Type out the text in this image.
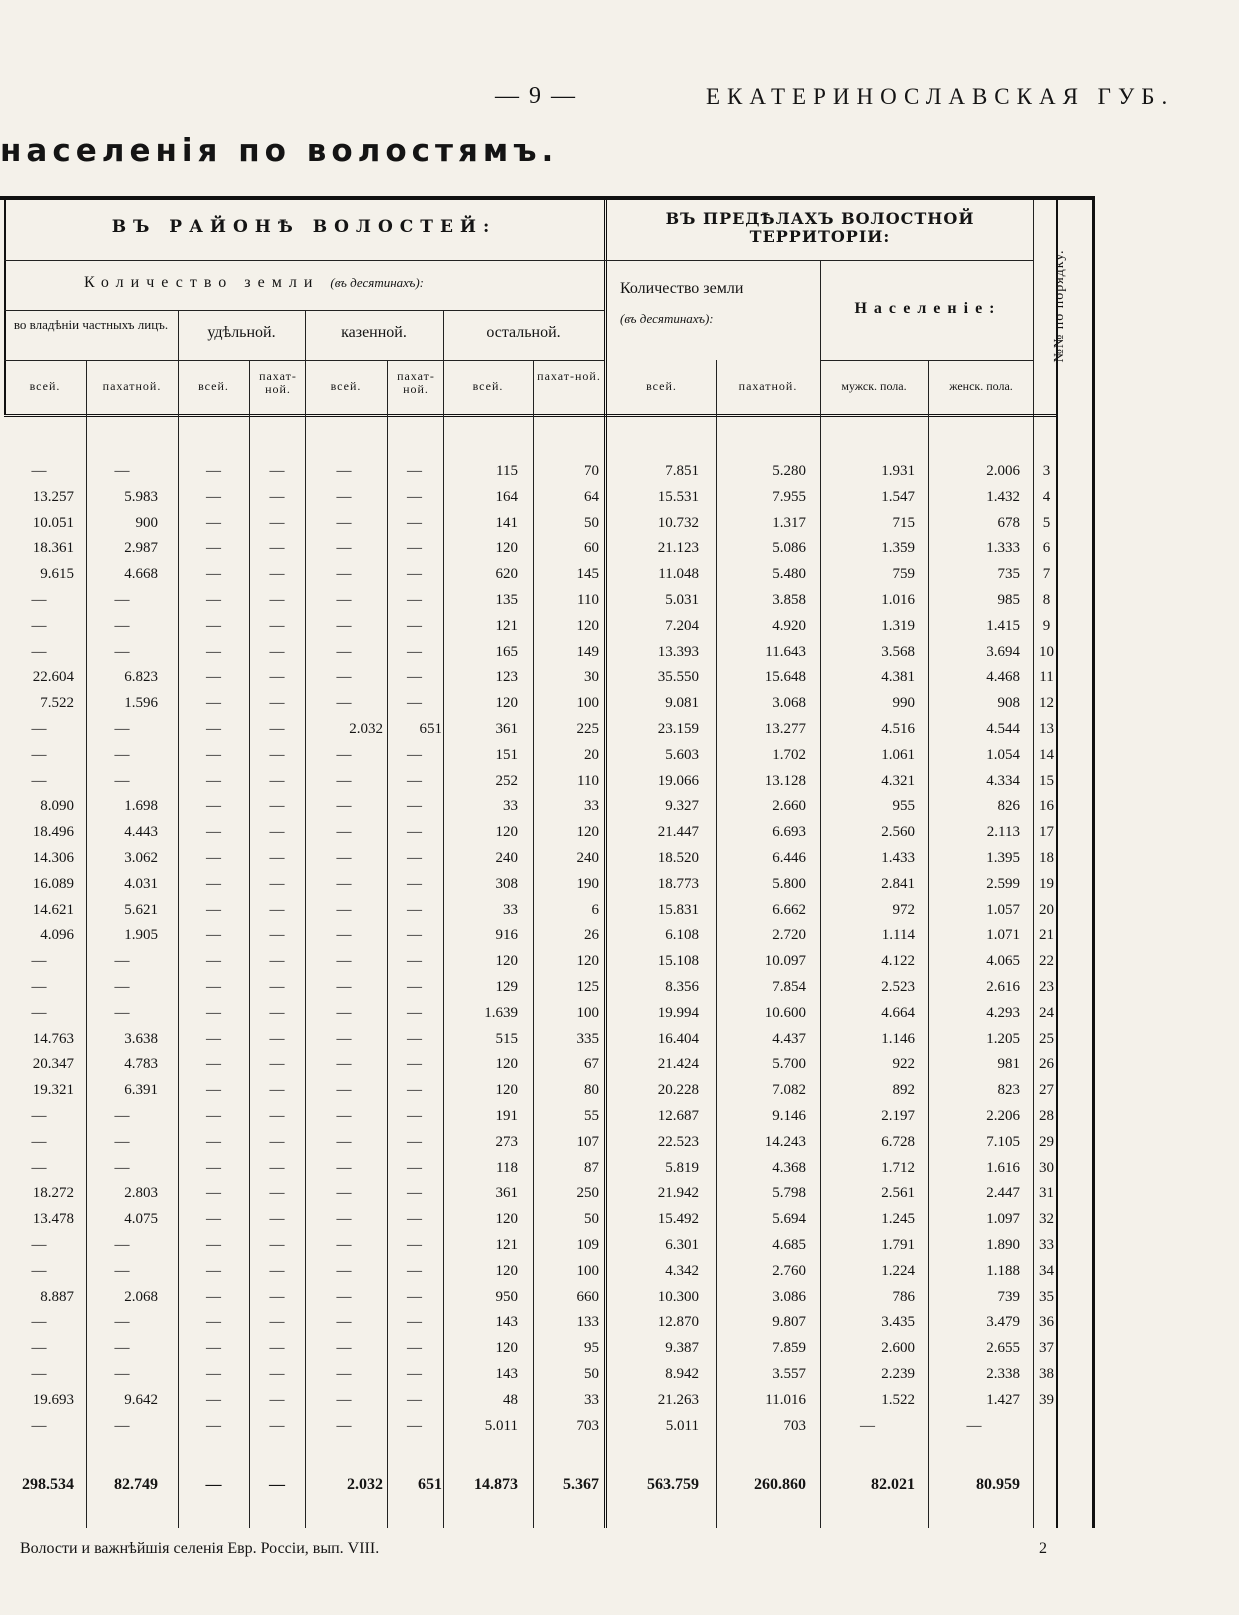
— 9 —	ЕКАТЕРИНОСЛАВСКАЯ ГУБ.
населенія по волостямъ.
ВЪ РАЙОНѢ ВОЛОСТЕЙ:
Количество земли (въ десятинахъ):
ВЪ ПРЕДѢЛАХЪ ВОЛОСТНОЙ ТЕРРИТОРІИ:
Количество земли
(въ десятинахъ):
Населеніе:
во владѣніи частныхъ лицъ.	удѣльной.	казенной.	остальной.
всей.	пахатной.	всей.
пахат-ной.	всей.
пахат-ной.	всей.
пахат-ной.
всей.	пахатной.	мужск. пола.	женск. пола.
—	—	—	—	—	—	115	70	7.851	5.280	1.931	2.006	3
13.257	5.983	—	—	—	—	164	64	15.531	7.955	1.547	1.432	4
10.051	900	—	—	—	—	141	50	10.732	1.317	715	678	5
18.361	2.987	—	—	—	—	120	60	21.123	5.086	1.359	1.333	6
9.615	4.668	—	—	—	—	620	145	11.048	5.480	759	735	7
—	—	—	—	—	—	135	110	5.031	3.858	1.016	985	8
—	—	—	—	—	—	121	120	7.204	4.920	1.319	1.415	9
—	—	—	—	—	—	165	149	13.393	11.643	3.568	3.694 10
22.604	6.823	—	—	—	—	123	30	35.550	15.648	4.381	4.468 11
7.522	1.596	—	—	—	—	120	100	9.081	3.068	990	908 12
—	—	—	—	2.032	651	361	225	23.159	13.277	4.516	4.544 13
—	—	—	—	—	—	151	20	5.603	1.702	1.061	1.054 14
—	—	—	—	—	—	252	110	19.066	13.128	4.321	4.334 15
8.090	1.698	—	—	—	—	33	33	9.327	2.660	955	826 16
18.496	4.443	—	—	—	—	120	120	21.447	6.693	2.560	2.113 17
14.306	3.062	—	—	—	—	240	240	18.520	6.446	1.433	1.395 18
16.089	4.031	—	—	—	—	308	190	18.773	5.800	2.841	2.599 19
14.621	5.621	—	—	—	—	33	6	15.831	6.662	972	1.057 20
4.096	1.905	—	—	—	—	916	26	6.108	2.720	1.114	1.071 21
—	—	—	—	—	—	120	120	15.108	10.097	4.122	4.065 22
—	—	—	—	—	—	129	125	8.356	7.854	2.523	2.616 23
—	—	—	—	—	—	1.639	100	19.994	10.600	4.664	4.293 24
14.763	3.638	—	—	—	—	515	335	16.404	4.437	1.146	1.205 25
20.347	4.783	—	—	—	—	120	67	21.424	5.700	922	981 26
19.321	6.391	—	—	—	—	120	80	20.228	7.082	892	823 27
—	—	—	—	—	—	191	55	12.687	9.146	2.197	2.206 28
—	—	—	—	—	—	273	107	22.523	14.243	6.728	7.105 29
—	—	—	—	—	—	118	87	5.819	4.368	1.712	1.616 30
18.272	2.803	—	—	—	—	361	250	21.942	5.798	2.561	2.447 31
13.478	4.075	—	—	—	—	120	50	15.492	5.694	1.245	1.097 32
—	—	—	—	—	—	121	109	6.301	4.685	1.791	1.890 33
—	—	—	—	—	—	120	100	4.342	2.760	1.224	1.188 34
8.887	2.068	—	—	—	—	950	660	10.300	3.086	786	739 35
—	—	—	—	—	—	143	133	12.870	9.807	3.435	3.479 36
—	—	—	—	—	—	120	95	9.387	7.859	2.600	2.655 37
—	—	—	—	—	—	143	50	8.942	3.557	2.239	2.338 38
19.693	9.642	—	—	—	—	48	33	21.263	11.016	1.522	1.427 39
—	—	—	—	—	—	5.011	703	5.011	703	—	—
298.534	82.749	—	—	2.032	651	14.873	5.367	563.759	260.860	82.021	80.959
№№ по порядку.
Волости и важнѣйшія селенія Евр. Россіи, вып. VIII.	2
